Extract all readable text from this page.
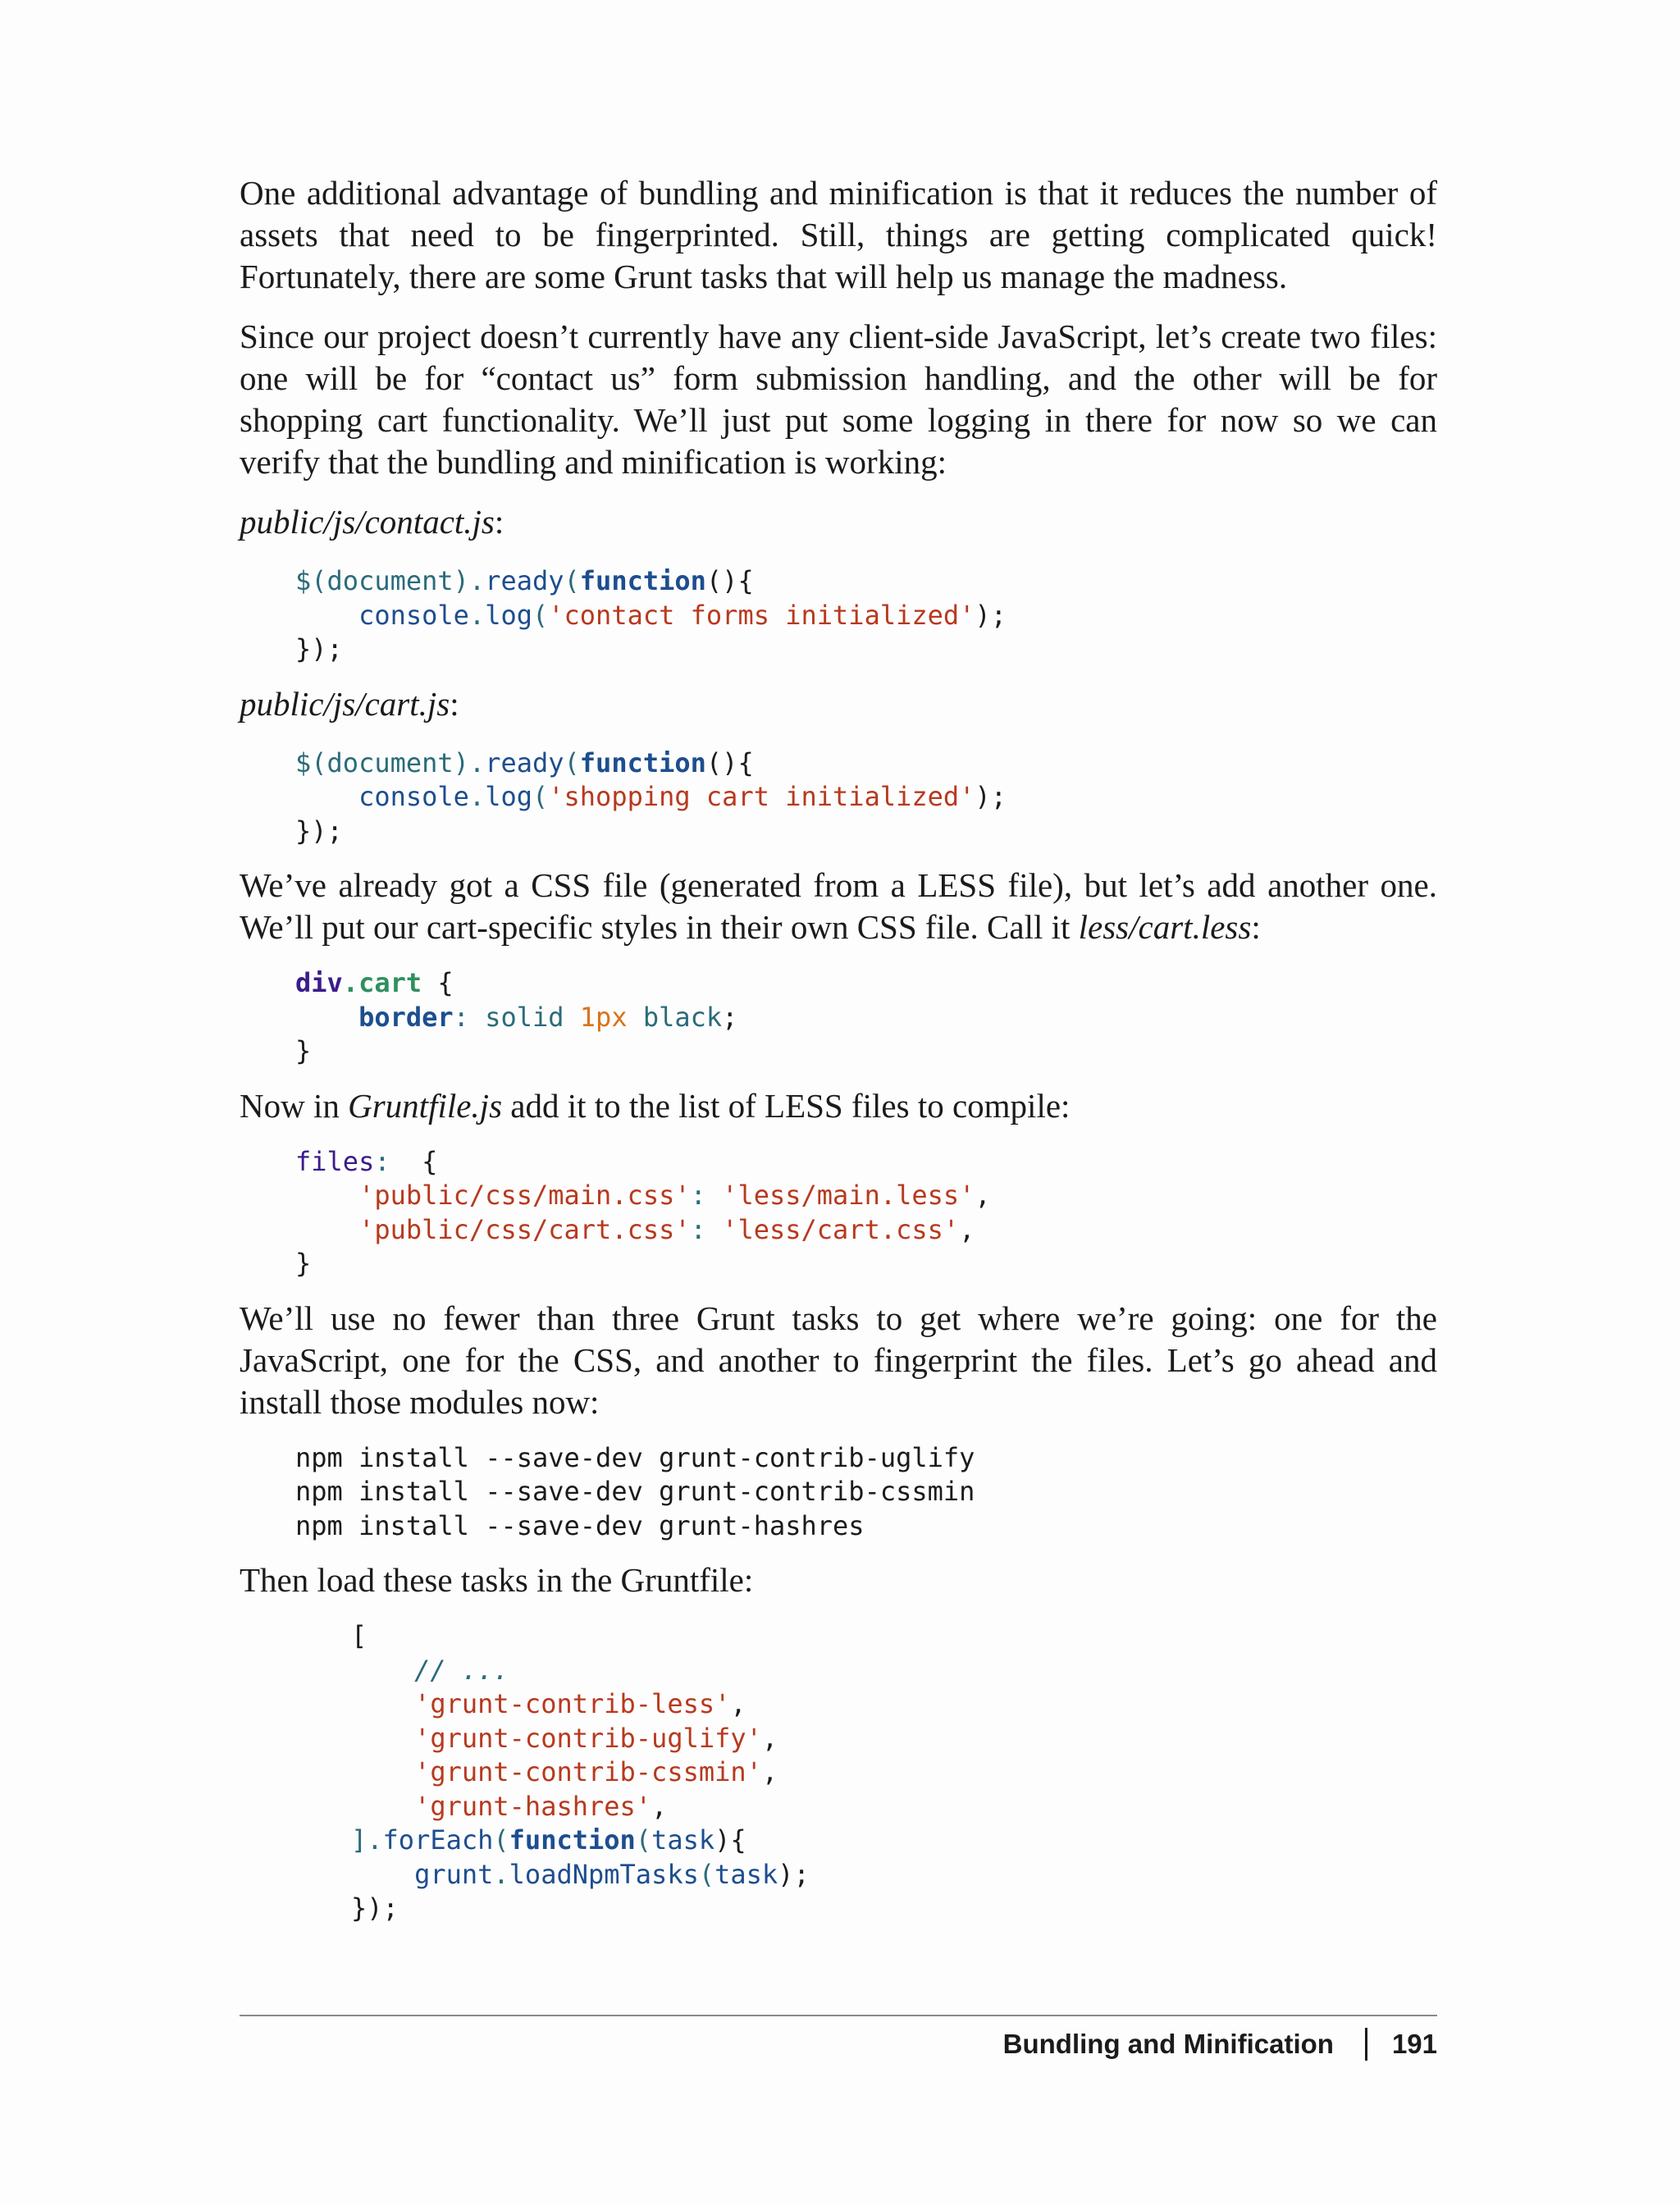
One additional advantage of bundling and minification is that it reduces the number of assets that need to be fingerprinted. Still, things are getting complicated quick! Fortunately, there are some Grunt tasks that will help us manage the madness.

Since our project doesn’t currently have any client-side JavaScript, let’s create two files: one will be for “contact us” form submission handling, and the other will be for shopping cart functionality. We’ll just put some logging in there for now so we can verify that the bundling and minification is working:

public/js/contact.js:

$(document).ready(function(){
console.log('contact forms initialized');
});

public/js/cart.js:

$(document).ready(function(){
console.log('shopping cart initialized');
});

We’ve already got a CSS file (generated from a LESS file), but let’s add another one. We’ll put our cart-specific styles in their own CSS file. Call it less/cart.less:

div.cart {
border: solid 1px black;
}

Now in Gruntfile.js add it to the list of LESS files to compile:

files:  {
'public/css/main.css': 'less/main.less',
'public/css/cart.css': 'less/cart.css',
}

We’ll use no fewer than three Grunt tasks to get where we’re going: one for the JavaScript, one for the CSS, and another to fingerprint the files. Let’s go ahead and install those modules now:

npm install --save-dev grunt-contrib-uglify
npm install --save-dev grunt-contrib-cssmin
npm install --save-dev grunt-hashres

Then load these tasks in the Gruntfile:

[
// ...
'grunt-contrib-less',
'grunt-contrib-uglify',
'grunt-contrib-cssmin',
'grunt-hashres',
].forEach(function(task){
grunt.loadNpmTasks(task);
});
Bundling and Minification 191
